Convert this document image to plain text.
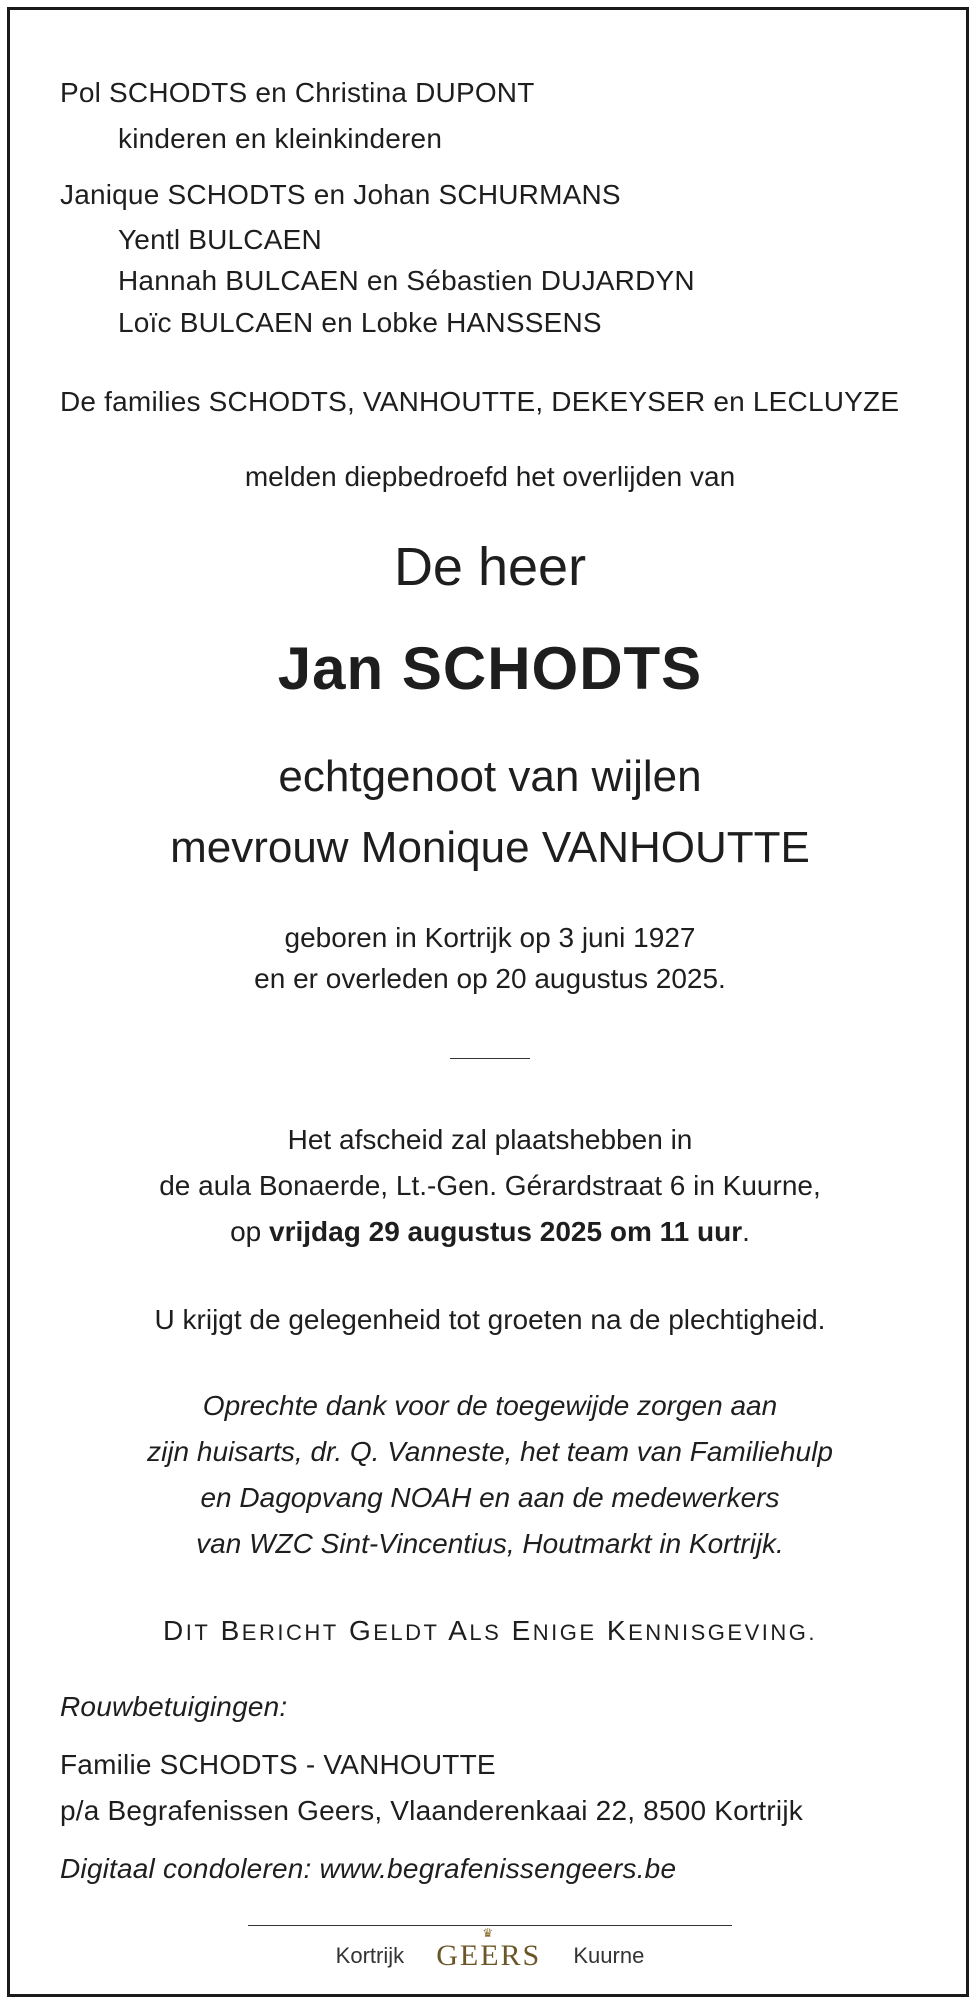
Pol SCHODTS en Christina DUPONT
kinderen en kleinkinderen
Janique SCHODTS en Johan SCHURMANS
Yentl BULCAEN
Hannah BULCAEN en Sébastien DUJARDYN
Loïc BULCAEN en Lobke HANSSENS
De families SCHODTS, VANHOUTTE, DEKEYSER en LECLUYZE
melden diepbedroefd het overlijden van
De heer
Jan SCHODTS
echtgenoot van wijlen
mevrouw Monique VANHOUTTE
geboren in Kortrijk op 3 juni 1927
en er overleden op 20 augustus 2025.
Het afscheid zal plaatshebben in
de aula Bonaerde, Lt.-Gen. Gérardstraat 6 in Kuurne,
op vrijdag 29 augustus 2025 om 11 uur.
U krijgt de gelegenheid tot groeten na de plechtigheid.
Oprechte dank voor de toegewijde zorgen aan
zijn huisarts, dr. Q. Vanneste, het team van Familiehulp
en Dagopvang NOAH en aan de medewerkers
van WZC Sint-Vincentius, Houtmarkt in Kortrijk.
DIT BERICHT GELDT ALS ENIGE KENNISGEVING.
Rouwbetuigingen:
Familie SCHODTS - VANHOUTTE
p/a Begrafenissen Geers, Vlaanderenkaai 22, 8500 Kortrijk
Digitaal condoleren: www.begrafenissengeers.be
Kortrijk
♛
GEERS Kuurne
